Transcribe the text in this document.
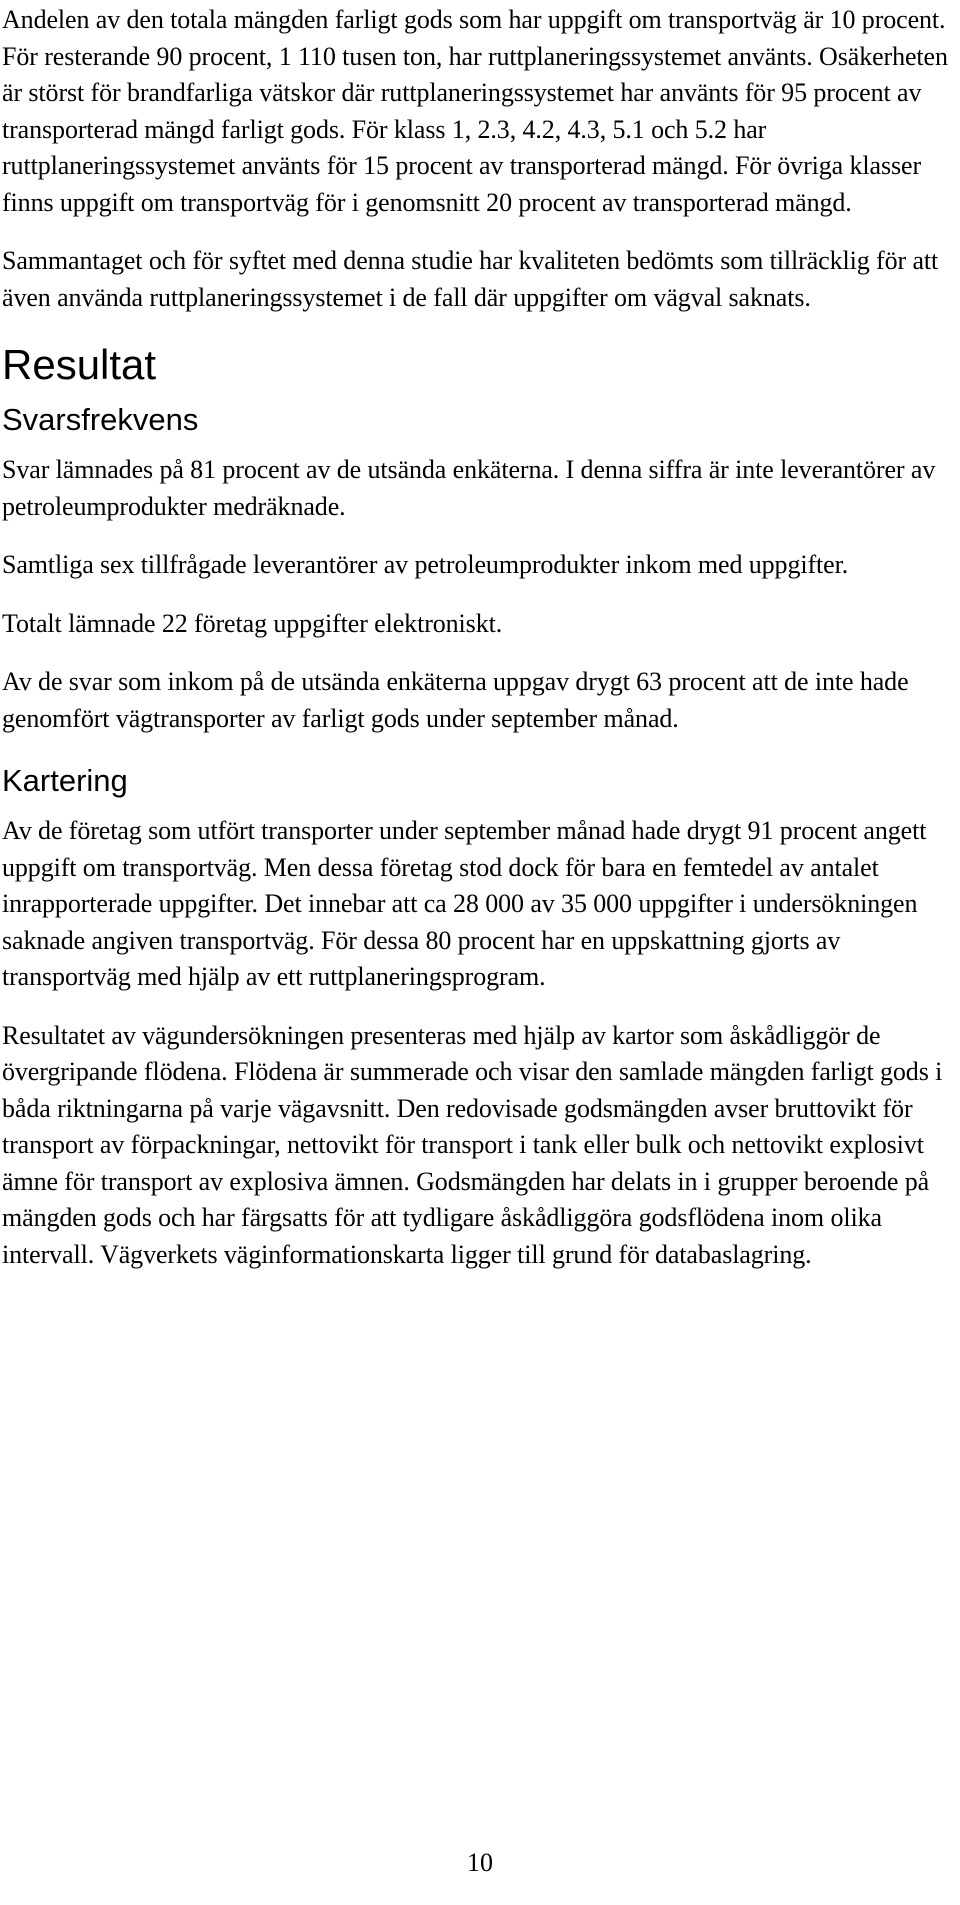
Andelen av den totala mängden farligt gods som har uppgift om transportväg är 10 procent. För resterande 90 procent, 1 110 tusen ton, har ruttplaneringssystemet använts. Osäkerheten är störst för brandfarliga vätskor där ruttplaneringssystemet har använts för 95 procent av transporterad mängd farligt gods. För klass 1, 2.3, 4.2, 4.3, 5.1 och 5.2 har ruttplaneringssystemet använts för 15 procent av transporterad mängd. För övriga klasser finns uppgift om transportväg för i genomsnitt 20 procent av transporterad mängd.

Sammantaget och för syftet med denna studie har kvaliteten bedömts som tillräcklig för att även använda ruttplaneringssystemet i de fall där uppgifter om vägval saknats.

Resultat
Svarsfrekvens

Svar lämnades på 81 procent av de utsända enkäterna. I denna siffra är inte leverantörer av petroleumprodukter medräknade.

Samtliga sex tillfrågade leverantörer av petroleumprodukter inkom med uppgifter.

Totalt lämnade 22 företag uppgifter elektroniskt.

Av de svar som inkom på de utsända enkäterna uppgav drygt 63 procent att de inte hade genomfört vägtransporter av farligt gods under september månad.

Kartering

Av de företag som utfört transporter under september månad hade drygt 91 procent angett uppgift om transportväg. Men dessa företag stod dock för bara en femtedel av antalet inrapporterade uppgifter. Det innebar att ca 28 000 av 35 000 uppgifter i undersökningen saknade angiven transportväg. För dessa 80 procent har en uppskattning gjorts av transportväg med hjälp av ett ruttplaneringsprogram.

Resultatet av vägundersökningen presenteras med hjälp av kartor som åskådliggör de övergripande flödena. Flödena är summerade och visar den samlade mängden farligt gods i båda riktningarna på varje vägavsnitt. Den redovisade godsmängden avser bruttovikt för transport av förpackningar, nettovikt för transport i tank eller bulk och nettovikt explosivt ämne för transport av explosiva ämnen. Godsmängden har delats in i grupper beroende på mängden gods och har färgsatts för att tydligare åskådliggöra godsflödena inom olika intervall. Vägverkets väginformationskarta ligger till grund för databaslagring.

10
